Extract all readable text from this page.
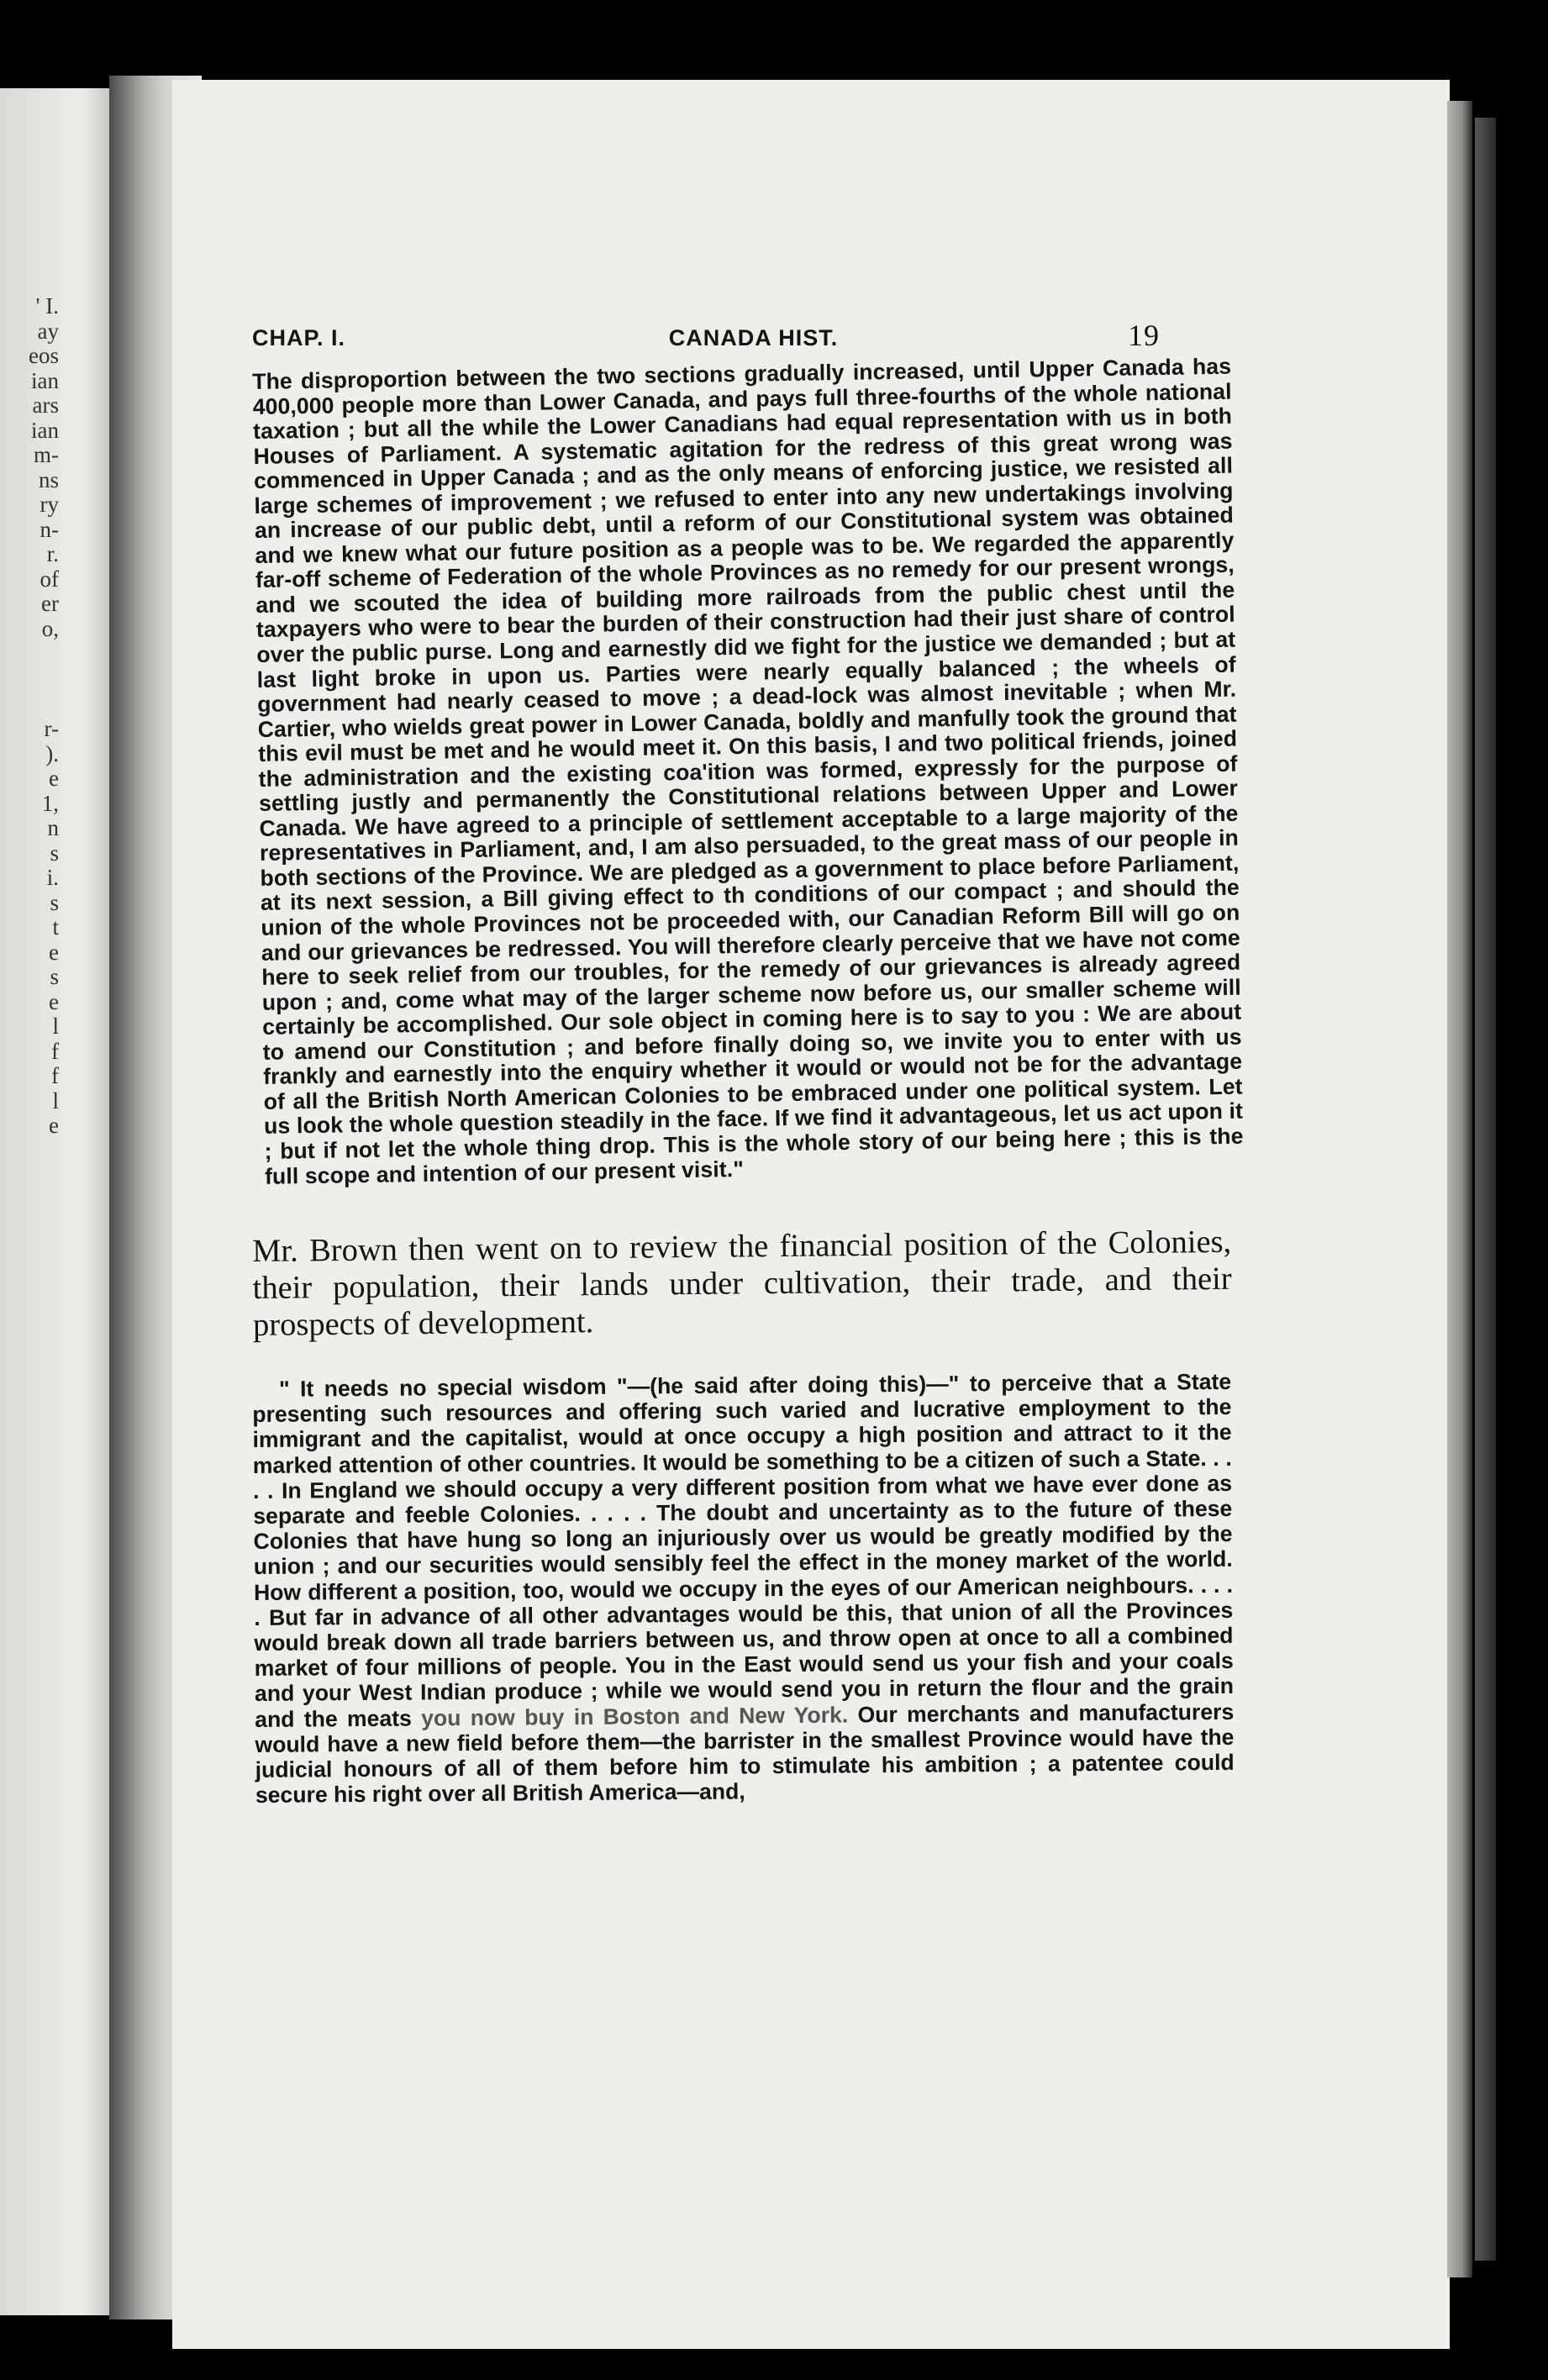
' I.
ay
eos
ian
ars
ian
m-
ns
ry
n-
r.
of
er
o,
r-
).
e
1,
n
s
i.
s
t
e
s
e
l
f
f
l
e
CHAP. I.	CANADA HIST.	19

The disproportion between the two sections gradually increased, until Upper Canada has 400,000 people more than Lower Canada, and pays full three-fourths of the whole national taxation ; but all the while the Lower Canadians had equal representation with us in both Houses of Parliament. A systematic agitation for the redress of this great wrong was commenced in Upper Canada ; and as the only means of enforcing justice, we resisted all large schemes of improvement ; we refused to enter into any new undertakings involving an increase of our public debt, until a reform of our Constitutional system was obtained and we knew what our future position as a people was to be. We regarded the apparently far-off scheme of Federation of the whole Provinces as no remedy for our present wrongs, and we scouted the idea of building more railroads from the public chest until the taxpayers who were to bear the burden of their construction had their just share of control over the public purse. Long and earnestly did we fight for the justice we demanded ; but at last light broke in upon us. Parties were nearly equally balanced ; the wheels of government had nearly ceased to move ; a dead-lock was almost inevitable ; when Mr. Cartier, who wields great power in Lower Canada, boldly and manfully took the ground that this evil must be met and he would meet it. On this basis, I and two political friends, joined the administration and the existing coa'ition was formed, expressly for the purpose of settling justly and permanently the Constitutional relations between Upper and Lower Canada. We have agreed to a principle of settlement acceptable to a large majority of the representatives in Parliament, and, I am also persuaded, to the great mass of our people in both sections of the Province. We are pledged as a government to place before Parliament, at its next session, a Bill giving effect to th conditions of our compact ; and should the union of the whole Provinces not be proceeded with, our Canadian Reform Bill will go on and our grievances be redressed. You will therefore clearly perceive that we have not come here to seek relief from our troubles, for the remedy of our grievances is already agreed upon ; and, come what may of the larger scheme now before us, our smaller scheme will certainly be accomplished. Our sole object in coming here is to say to you : We are about to amend our Constitution ; and before finally doing so, we invite you to enter with us frankly and earnestly into the enquiry whether it would or would not be for the advantage of all the British North American Colonies to be embraced under one political system. Let us look the whole question steadily in the face. If we find it advantageous, let us act upon it ; but if not let the whole thing drop. This is the whole story of our being here ; this is the full scope and intention of our present visit."

Mr. Brown then went on to review the financial position of the Colonies, their population, their lands under cultivation, their trade, and their prospects of development.

" It needs no special wisdom "—(he said after doing this)—" to perceive that a State presenting such resources and offering such varied and lucrative employment to the immigrant and the capitalist, would at once occupy a high position and attract to it the marked attention of other countries. It would be something to be a citizen of such a State. . . . . In England we should occupy a very different position from what we have ever done as separate and feeble Colonies. . . . . The doubt and uncertainty as to the future of these Colonies that have hung so long an injuriously over us would be greatly modified by the union ; and our securities would sensibly feel the effect in the money market of the world. How different a position, too, would we occupy in the eyes of our American neighbours. . . . . But far in advance of all other advantages would be this, that union of all the Provinces would break down all trade barriers between us, and throw open at once to all a combined market of four millions of people. You in the East would send us your fish and your coals and your West Indian produce ; while we would send you in return the flour and the grain and the meats you now buy in Boston and New York. Our merchants and manufacturers would have a new field before them—the barrister in the smallest Province would have the judicial honours of all of them before him to stimulate his ambition ; a patentee could secure his right over all British America—and,
